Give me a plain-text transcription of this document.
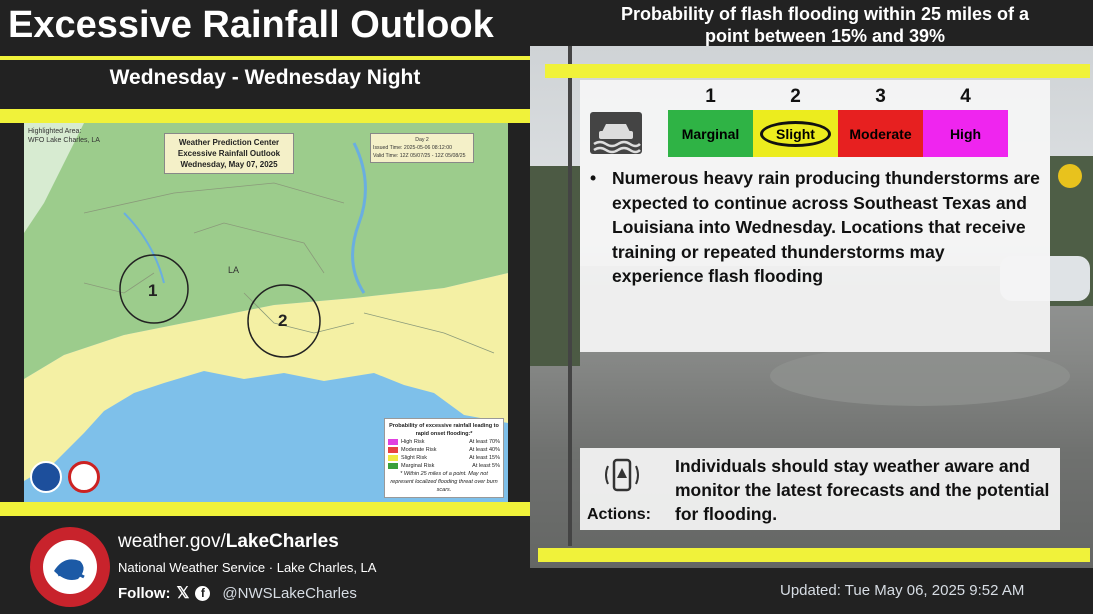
Excessive Rainfall Outlook
Wednesday - Wednesday Night
Probability of flash flooding within 25 miles of a point between 15% and 39%
1	2	3	4
Marginal	Slight	Moderate	High
• Numerous heavy rain producing thunderstorms are expected to continue across Southeast Texas and Louisiana into Wednesday. Locations that receive training or repeated thunderstorms may experience flash flooding
Actions:
Individuals should stay weather aware and monitor the latest forecasts and the potential for flooding.
Highlighted Area:
WFO Lake Charles, LA	Weather Prediction Center
Excessive Rainfall Outlook
Wednesday, May 07, 2025
Day 2
Issued Time: 2025-05-06 08:12:00
Valid Time: 12Z 05/07/25 - 12Z 05/08/25
1
2
LA
Probability of excessive rainfall leading to rapid onset flooding:*
High Risk	At least 70%
Moderate Risk	At least 40%
Slight Risk	At least 15%
Marginal Risk	At least 5%
* Within 25 miles of a point. May not represent localized flooding threat over burn scars.
weather.gov/LakeCharles
National Weather Service · Lake Charles, LA
Follow: 𝕏 f	@NWSLakeCharles	Updated: Tue May 06, 2025 9:52 AM
